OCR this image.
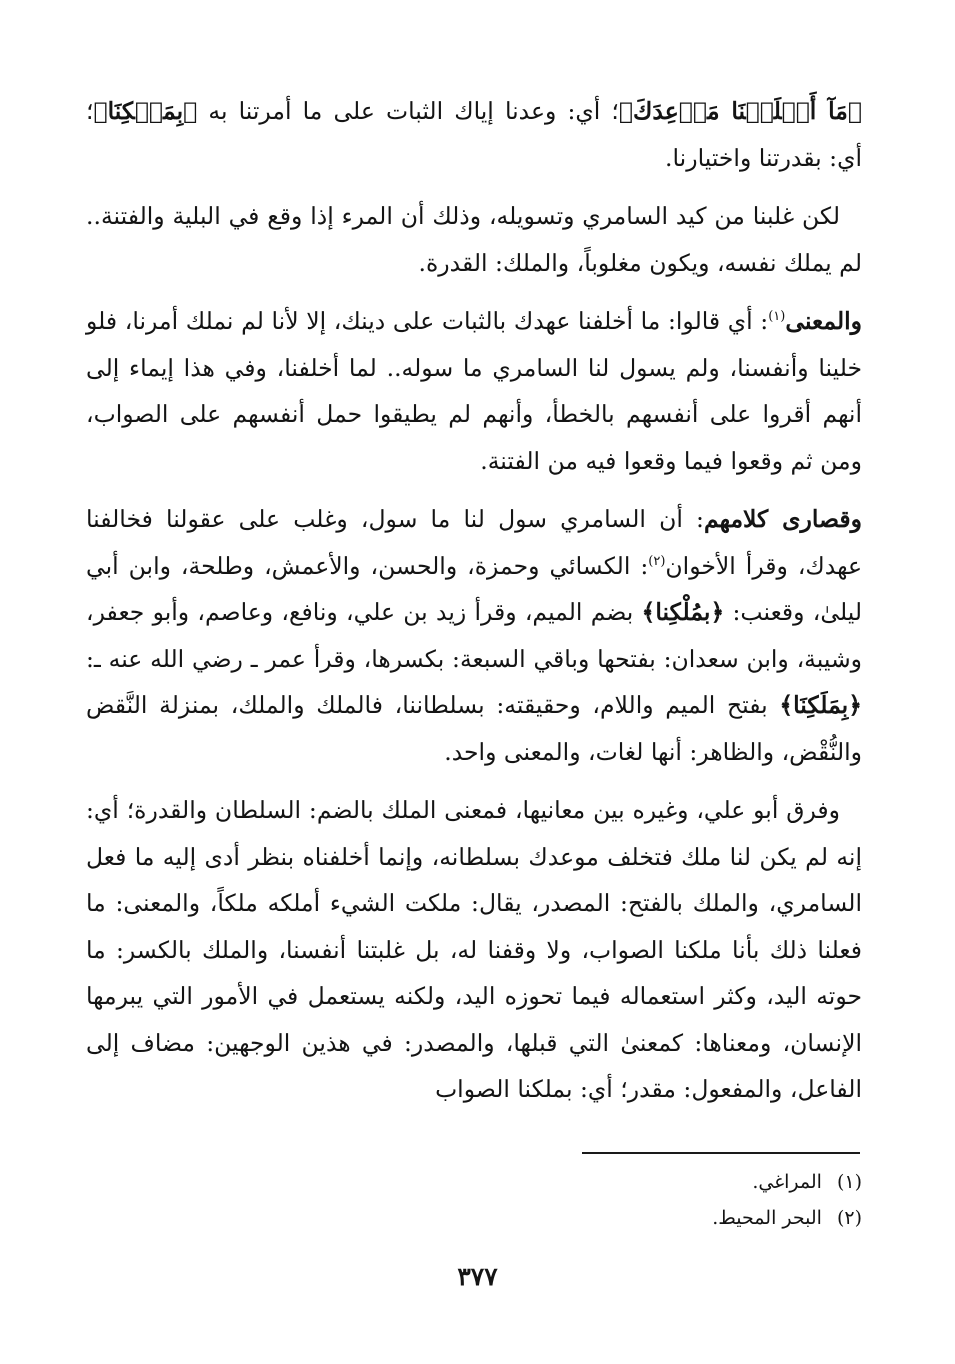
﴿مَآ أَخۡلَفۡنَا مَوۡعِدَكَ﴾؛ أي: وعدنا إياك الثبات على ما أمرتنا به ﴿بِمَلۡكِنَا﴾؛ أي: بقدرتنا واختيارنا.

لكن غلبنا من كيد السامري وتسويله، وذلك أن المرء إذا وقع في البلية والفتنة.. لم يملك نفسه، ويكون مغلوباً، والملك: القدرة.

والمعنى$^{(١)}$: أي قالوا: ما أخلفنا عهدك بالثبات على دينك، إلا لأنا لم نملك أمرنا، فلو خلينا وأنفسنا، ولم يسول لنا السامري ما سوله.. لما أخلفنا، وفي هذا إيماء إلى أنهم أقروا على أنفسهم بالخطأ، وأنهم لم يطيقوا حمل أنفسهم على الصواب، ومن ثم وقعوا فيما وقعوا فيه من الفتنة.

وقصارى كلامهم: أن السامري سول لنا ما سول، وغلب على عقولنا فخالفنا عهدك، وقرأ الأخوان$^{(٢)}$: الكسائي وحمزة، والحسن، والأعمش، وطلحة، وابن أبي ليلىٰ، وقعنب: ﴿بمُلْكِنا﴾ بضم الميم، وقرأ زيد بن علي، ونافع، وعاصم، وأبو جعفر، وشيبة، وابن سعدان: بفتحها وباقي السبعة: بكسرها، وقرأ عمر ـ رضي الله عنه ـ: ﴿بِمَلَكِنَا﴾ بفتح الميم واللام، وحقيقته: بسلطاننا، فالملك والملك، بمنزلة النَّقض والنُّقْض، والظاهر: أنها لغات، والمعنى واحد.

وفرق أبو علي، وغيره بين معانيها، فمعنى الملك بالضم: السلطان والقدرة؛ أي: إنه لم يكن لنا ملك فتخلف موعدك بسلطانه، وإنما أخلفناه بنظر أدى إليه ما فعل السامري، والملك بالفتح: المصدر، يقال: ملكت الشيء أملكه ملكاً، والمعنى: ما فعلنا ذلك بأنا ملكنا الصواب، ولا وقفنا له، بل غلبتنا أنفسنا، والملك بالكسر: ما حوته اليد، وكثر استعماله فيما تحوزه اليد، ولكنه يستعمل في الأمور التي يبرمها الإنسان، ومعناها: كمعنىٰ التي قبلها، والمصدر: في هذين الوجهين: مضاف إلى الفاعل، والمفعول: مقدر؛ أي: بملكنا الصواب

(١) المراغي.
(٢) البحر المحيط.
٣٧٧
